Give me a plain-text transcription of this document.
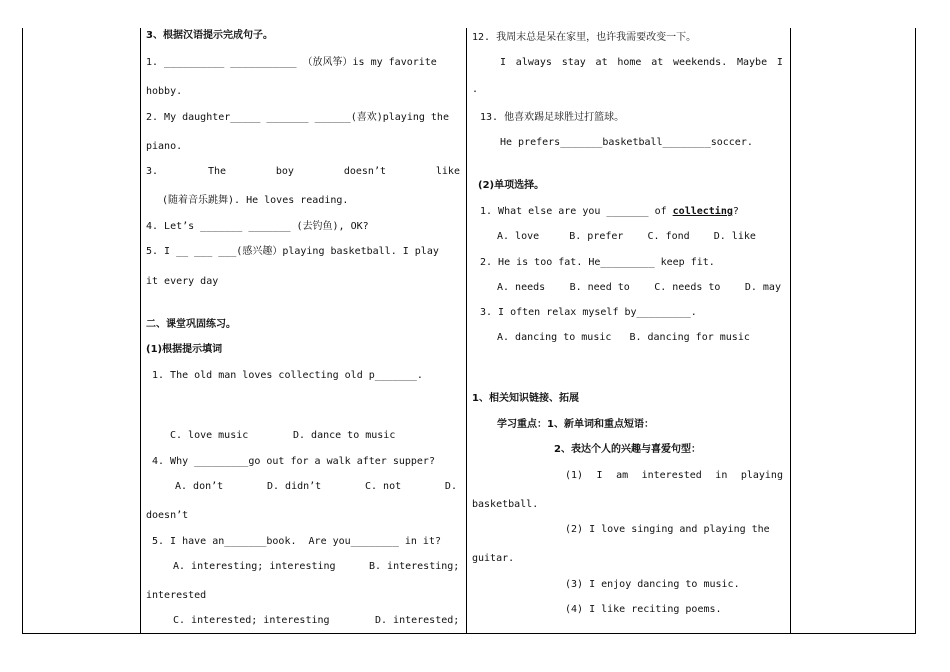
3、根据汉语提示完成句子。
1. __________ ___________ （放风筝）is my favorite
hobby.
2. My daughter_____ _______ ______(喜欢)playing the
piano.
3.	The	boy	doesn’t	like
(随着音乐跳舞). He loves reading.
4. Let’s _______ _______ (去钓鱼), OK?
5. I __ ___ ___(感兴趣）playing basketball. I play
it every day
二、课堂巩固练习。
(1)根据提示填词
1. The old man loves collecting old p_______.
C. love music	D. dance to music
4. Why _________go out for a walk after supper?
A. don’t	D. didn’t	C. not	D.
doesn’t
5. I have an_______book.  Are you________ in it?
A. interesting; interesting	B. interesting;
interested
C. interested; interesting	D. interested;
12. 我周末总是呆在家里，也许我需要改变一下。
I always stay at home at weekends. Maybe I
.
13. 他喜欢踢足球胜过打篮球。
He prefers_______basketball________soccer.
(2)单项选择。
1. What else are you _______ of collecting?
A. love     B. prefer    C. fond    D. like
2. He is too fat. He_________ keep fit.
A. needs B. need to C. needs to D. may
3. I often relax myself by_________.
A. dancing to music   B. dancing for music
1、相关知识链接、拓展
学习重点：1、新单词和重点短语：
2、表达个人的兴趣与喜爱句型：
(1) I am interested in playing
basketball.
(2) I love singing and playing the
guitar.
(3) I enjoy dancing to music.
(4) I like reciting poems.
